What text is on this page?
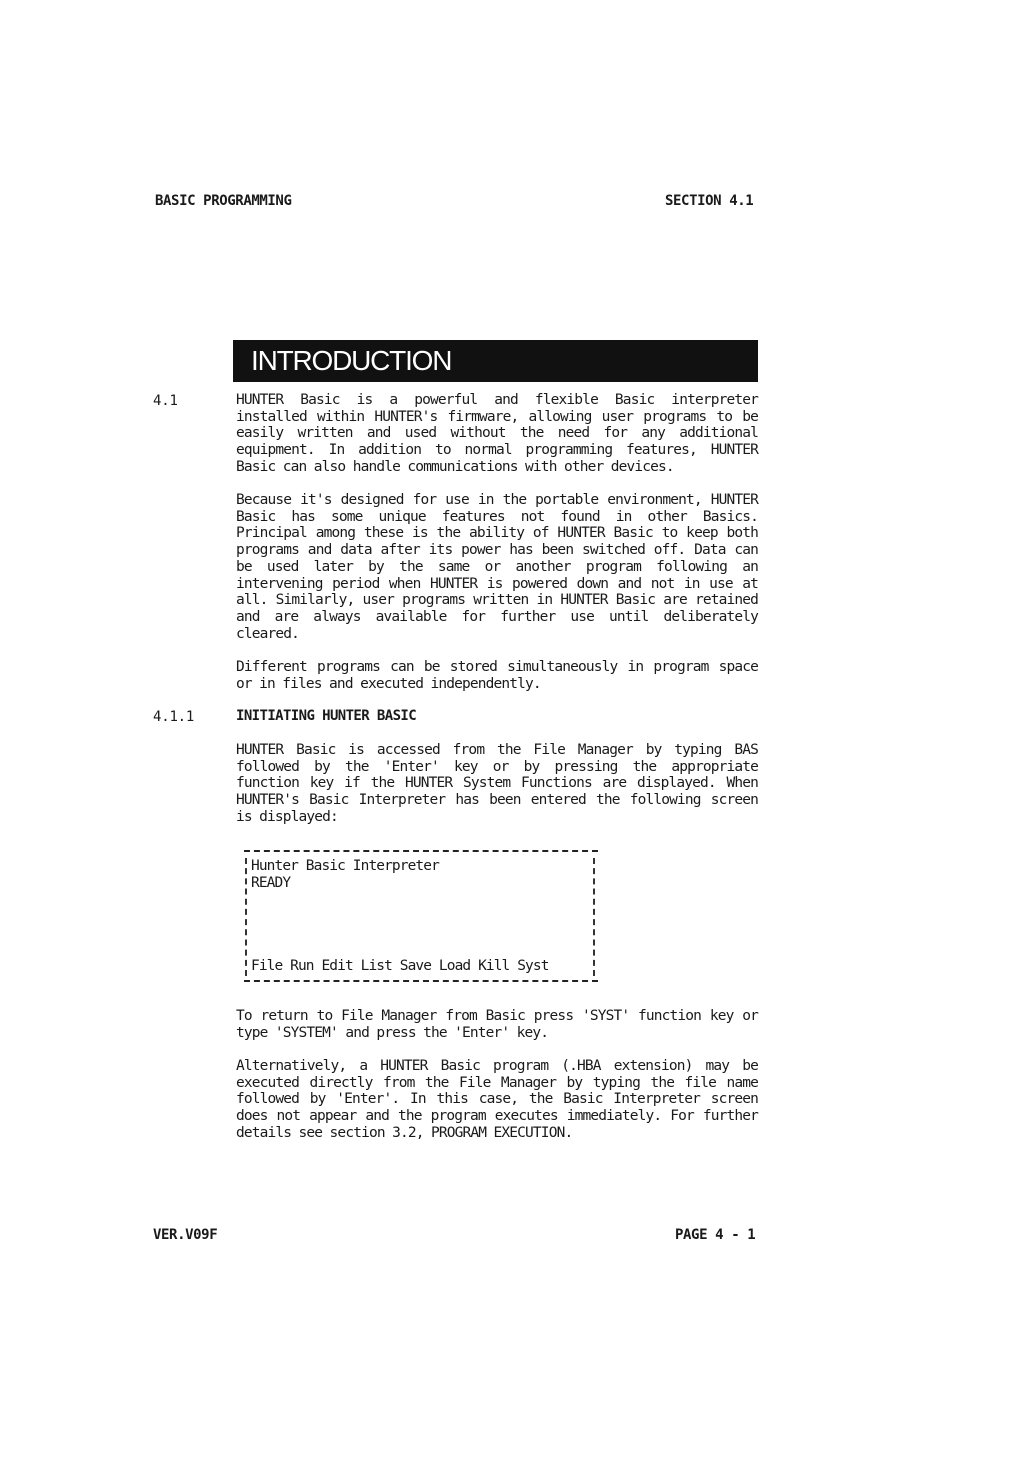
BASIC PROGRAMMING	SECTION 4.1
INTRODUCTION
4.1	HUNTER Basic is a powerful and flexible Basic interpreter installed within HUNTER's firmware, allowing user programs to be easily written and used without the need for any additional equipment. In addition to normal programming features, HUNTER Basic can also handle communications with other devices.

Because it's designed for use in the portable environment, HUNTER Basic has some unique features not found in other Basics. Principal among these is the ability of HUNTER Basic to keep both programs and data after its power has been switched off. Data can be used later by the same or another program following an intervening period when HUNTER is powered down and not in use at all. Similarly, user programs written in HUNTER Basic are retained and are always available for further use until deliberately cleared.

Different programs can be stored simultaneously in program space or in files and executed independently.

4.1.1	INITIATING HUNTER BASIC

HUNTER Basic is accessed from the File Manager by typing BAS followed by the 'Enter' key or by pressing the appropriate function key if the HUNTER System Functions are displayed. When HUNTER's Basic Interpreter has been entered the following screen is displayed:

Hunter Basic Interpreter
READY
File Run Edit List Save Load Kill Syst

To return to File Manager from Basic press 'SYST' function key or type 'SYSTEM' and press the 'Enter' key.

Alternatively, a HUNTER Basic program (.HBA extension) may be executed directly from the File Manager by typing the file name followed by 'Enter'. In this case, the Basic Interpreter screen does not appear and the program executes immediately. For further details see section 3.2, PROGRAM EXECUTION.

VER.V09F	PAGE 4 - 1
